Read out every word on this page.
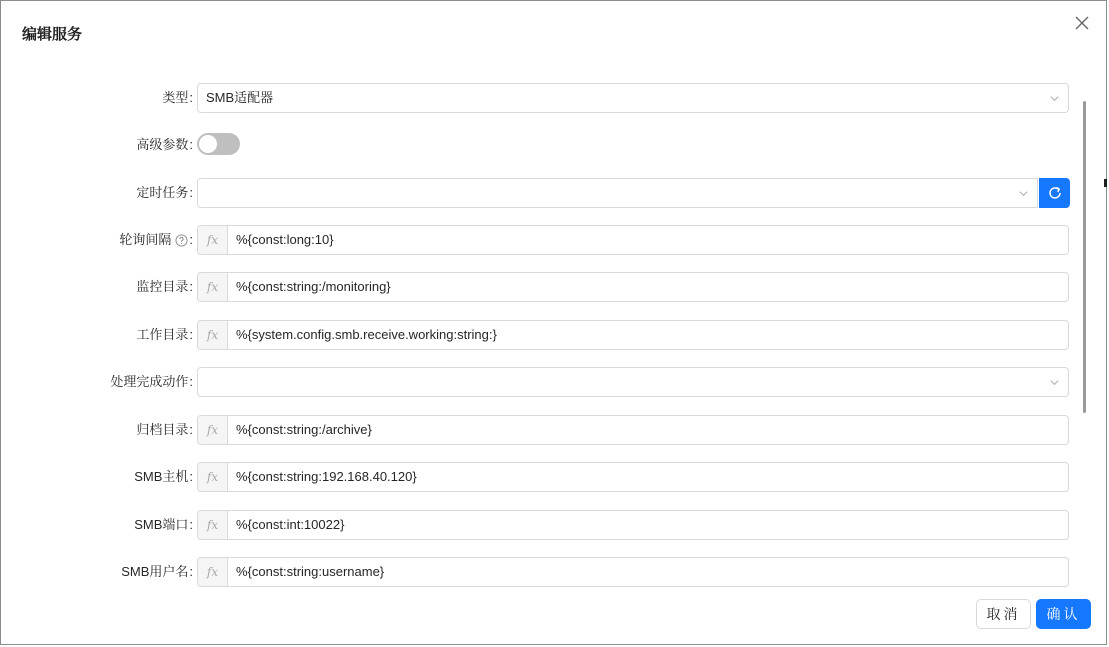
编辑服务
类型 : SMB适配器
高级参数 :
定时任务 :
轮询间隔 :	fx	%{const:long:10}
监控目录 :	fx	%{const:string:/monitoring}
工作目录 :	fx	%{system.config.smb.receive.working:string:}
处理完成动作 :
归档目录 :	fx	%{const:string:/archive}
SMB主机 :	fx	%{const:string:192.168.40.120}
SMB端口 :	fx	%{const:int:10022}
SMB用户名 :	fx	%{const:string:username}
取消	确认
